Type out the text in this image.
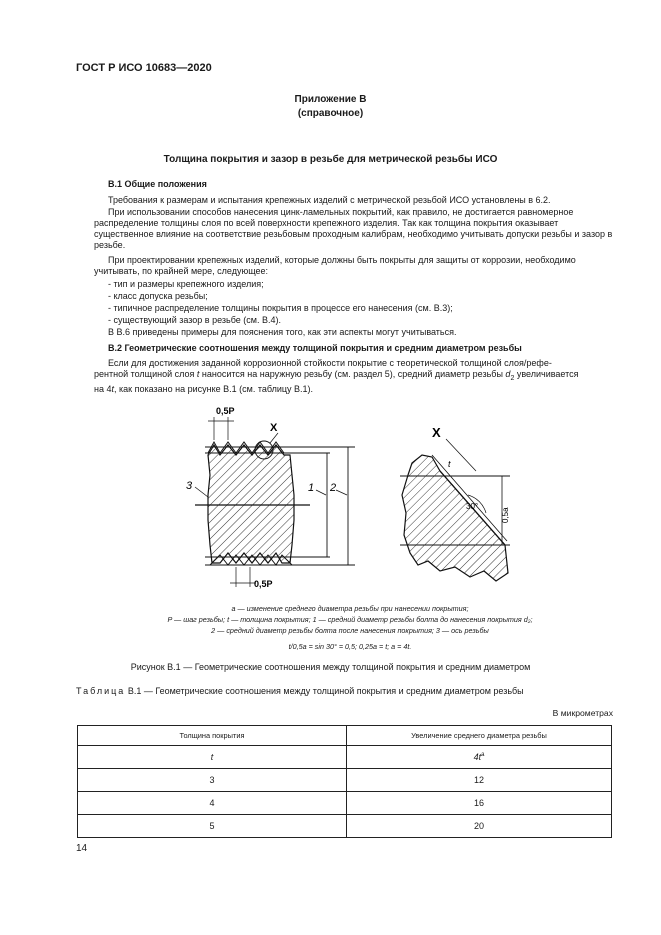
ГОСТ Р ИСО 10683—2020
Приложение В
(справочное)
Толщина покрытия и зазор в резьбе для метрической резьбы ИСО
В.1 Общие положения
Требования к размерам и испытания крепежных изделий с метрической резьбой ИСО установлены в 6.2.
При использовании способов нанесения цинк-ламельных покрытий, как правило, не достигается равномерное распределение толщины слоя по всей поверхности крепежного изделия. Так как толщина покрытия оказывает существенное влияние на соответствие резьбовым проходным калибрам, необходимо учитывать допуски резьбы и зазор в резьбе.
При проектировании крепежных изделий, которые должны быть покрыты для защиты от коррозии, необходимо учитывать, по крайней мере, следующее:
- тип и размеры крепежного изделия;
- класс допуска резьбы;
- типичное распределение толщины покрытия в процессе его нанесения (см. В.3);
- существующий зазор в резьбе (см. В.4).
В В.6 приведены примеры для пояснения того, как эти аспекты могут учитываться.
В.2 Геометрические соотношения между толщиной покрытия и средним диаметром резьбы
Если для достижения заданной коррозионной стойкости покрытие с теоретической толщиной слоя/рефе-
рентной толщиной слоя t наносится на наружную резьбу (см. раздел 5), средний диаметр резьбы $d_2$ увеличивается
на 4t, как показано на рисунке В.1 (см. таблицу В.1).
0,5P
X
0,5P
3	1 2
X
t
30°
0,5a
a — изменение среднего диаметра резьбы при нанесении покрытия;
P — шаг резьбы; t — толщина покрытия; 1 — средний диаметр резьбы болта до нанесения покрытия d₂;
2 — средний диаметр резьбы болта после нанесения покрытия; 3 — ось резьбы
t/0,5a = sin 30° = 0,5; 0,25a = t; a = 4t.
Рисунок В.1 — Геометрические соотношения между толщиной покрытия и средним диаметром
Таблица В.1 — Геометрические соотношения между толщиной покрытия и средним диаметром резьбы
В микрометрах
Толщина покрытия	Увеличение среднего диаметра резьбы
t	$4t^a$
3	12
4	16
5	20
14
